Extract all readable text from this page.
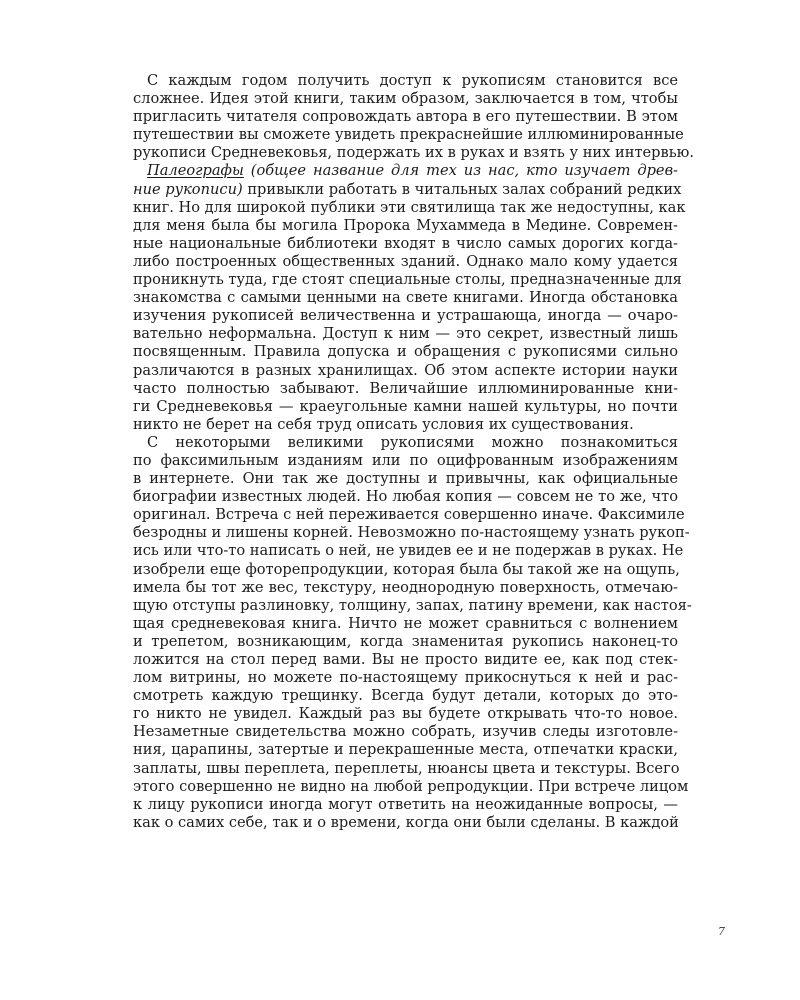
С каждым годом получить доступ к рукописям становится все
сложнее. Идея этой книги, таким образом, заключается в том, чтобы
пригласить читателя сопровождать автора в его путешествии. В этом
путешествии вы сможете увидеть прекраснейшие иллюминированные
рукописи Средневековья, подержать их в руках и взять у них интервью.
Палеографы (общее название для тех из нас, кто изучает древ-
ние рукописи) привыкли работать в читальных залах собраний редких
книг. Но для широкой публики эти святилища так же недоступны, как
для меня была бы могила Пророка Мухаммеда в Медине. Современ-
ные национальные библиотеки входят в число самых дорогих когда-
либо построенных общественных зданий. Однако мало кому удается
проникнуть туда, где стоят специальные столы, предназначенные для
знакомства с самыми ценными на свете книгами. Иногда обстановка
изучения рукописей величественна и устрашающа, иногда — очаро-
вательно неформальна. Доступ к ним — это секрет, известный лишь
посвященным. Правила допуска и обращения с рукописями сильно
различаются в разных хранилищах. Об этом аспекте истории науки
часто полностью забывают. Величайшие иллюминированные кни-
ги Средневековья — краеугольные камни нашей культуры, но почти
никто не берет на себя труд описать условия их существования.
С некоторыми великими рукописями можно познакомиться
по факсимильным изданиям или по оцифрованным изображениям
в интернете. Они так же доступны и привычны, как официальные
биографии известных людей. Но любая копия — совсем не то же, что
оригинал. Встреча с ней переживается совершенно иначе. Факсимиле
безродны и лишены корней. Невозможно по-настоящему узнать рукоп-
ись или что-то написать о ней, не увидев ее и не подержав в руках. Не
изобрели еще фоторепродукции, которая была бы такой же на ощупь,
имела бы тот же вес, текстуру, неоднородную поверхность, отмечаю-
щую отступы разлиновку, толщину, запах, патину времени, как настоя-
щая средневековая книга. Ничто не может сравниться с волнением
и трепетом, возникающим, когда знаменитая рукопись наконец-то
ложится на стол перед вами. Вы не просто видите ее, как под стек-
лом витрины, но можете по-настоящему прикоснуться к ней и рас-
смотреть каждую трещинку. Всегда будут детали, которых до это-
го никто не увидел. Каждый раз вы будете открывать что-то новое.
Незаметные свидетельства можно собрать, изучив следы изготовле-
ния, царапины, затертые и перекрашенные места, отпечатки краски,
заплаты, швы переплета, переплеты, нюансы цвета и текстуры. Всего
этого совершенно не видно на любой репродукции. При встрече лицом
к лицу рукописи иногда могут ответить на неожиданные вопросы, —
как о самих себе, так и о времени, когда они были сделаны. В каждой
7
